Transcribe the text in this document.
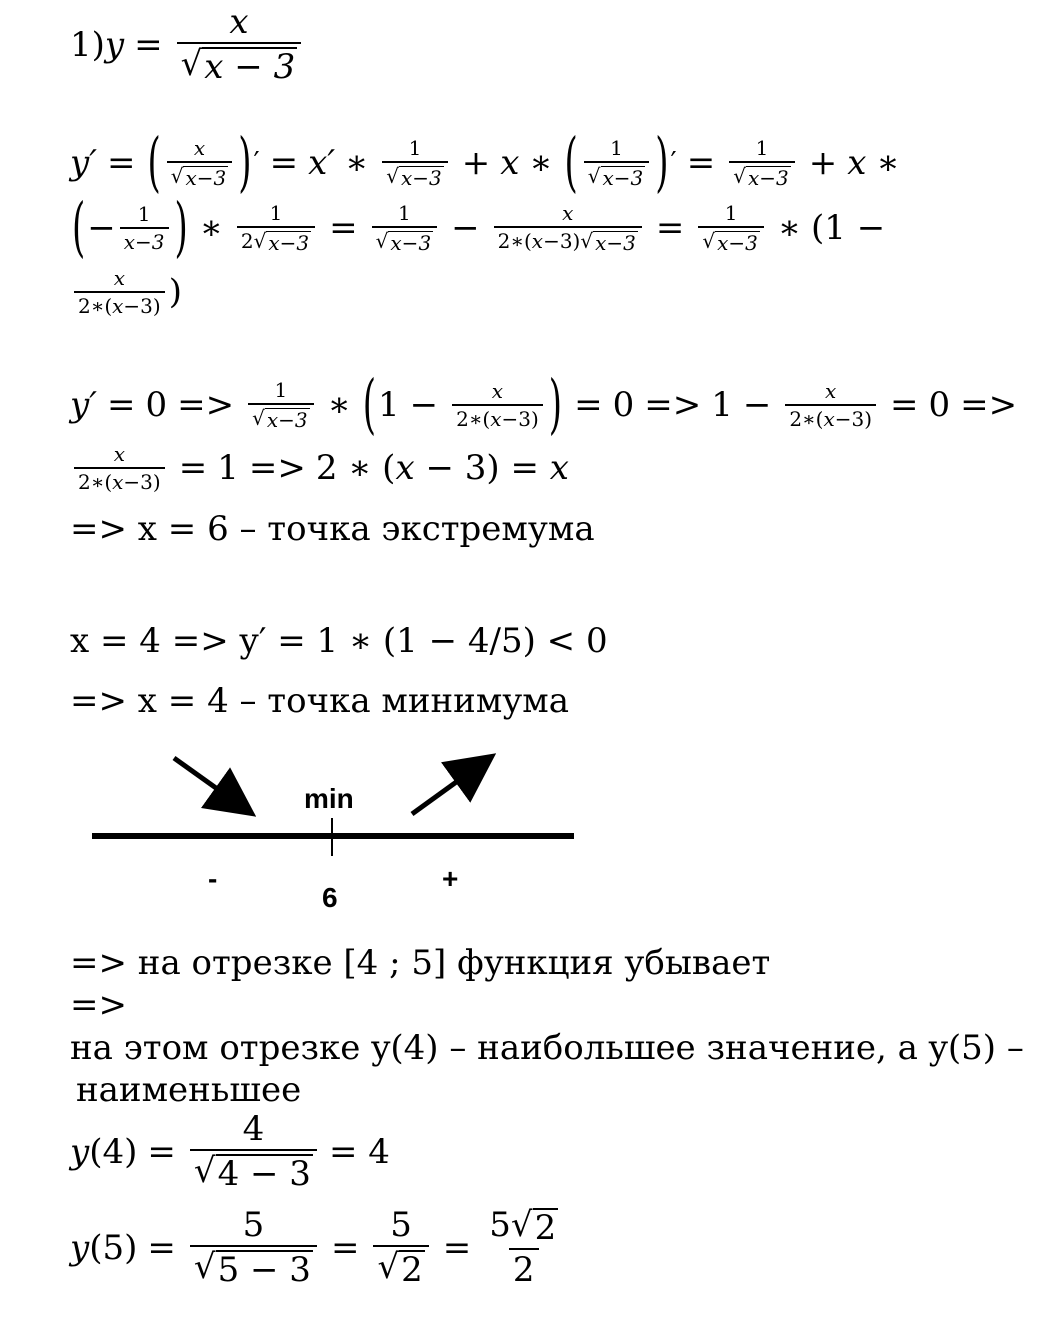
1) $y = \frac{x}{√ x - 3}$
y′ = ( x
√ x−3 ) ′ = x′ ∗ 1
√ x−3 + x ∗ ( 1
√ x−3 ) ′ = $\frac{1}{√ x-3} + x$ ∗
( − $\frac{1}{x-3}$ ) ∗ $\frac{1}{2 √ x-3} = \frac{1}{√ x-3} - \frac{x}{2∗(x-3) √ x-3} = \frac{1}{√ x-3}$ ∗ (1 −
x
2∗(x−3) )
y′ = 0 => 1
√ x−3 ∗ ( $1 - \frac{x}{2∗(x-3)}$ ) = $0 => 1 - \frac{x}{2∗(x-3)} = 0$ =>
$\frac{x}{2∗(x-3)} = 1 => 2$ ∗ (x − 3) = x
=> x = 6 – точка экстремума
x = 4 => y′ = 1 ∗ (1 − 4/5) < 0
=> x = 4 – точка минимума
min
6
-	+
=> на отрезке [4 ; 5] функция убывает
=>
на этом отрезке y(4) – наибольшее значение, а y(5) –
наименьшее
y $(4) = \frac{4}{√ 4 - 3} = 4$
y $(5) = \frac{5}{√ 5 - 3} = \frac{5}{√ 2} = \frac{5 √ 2}{2}$
